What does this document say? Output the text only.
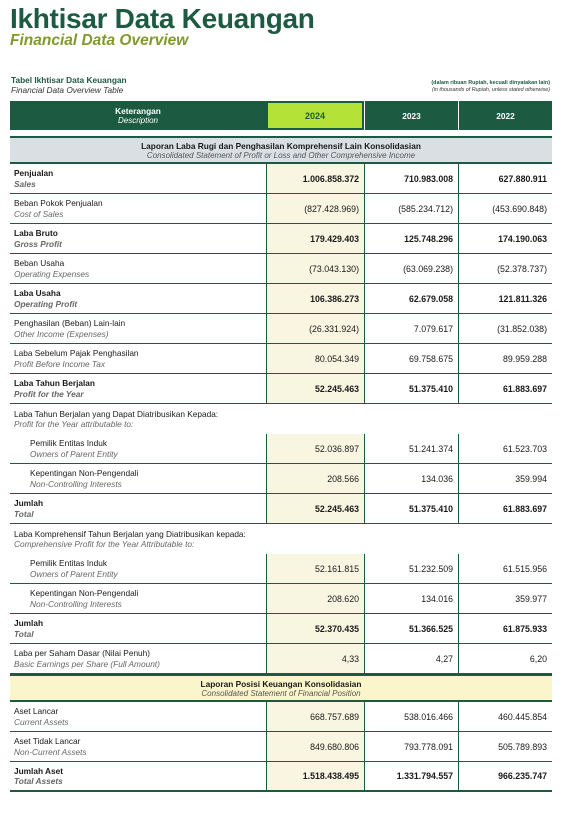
Ikhtisar Data Keuangan
Financial Data Overview
Tabel Ikhtisar Data Keuangan
Financial Data Overview Table
(dalam ribuan Rupiah, kecuali dinyatakan lain)
(in thousands of Rupiah, unless stated otherwise)
Keterangan
Description	2024	2023	2022
Laporan Laba Rugi dan Penghasilan Komprehensif Lain Konsolidasian
Consolidated Statement of Profit or Loss and Other Comprehensive Income
Penjualan
Sales	1.006.858.372	710.983.008	627.880.911
Beban Pokok Penjualan
Cost of Sales	(827.428.969)	(585.234.712)	(453.690.848)
Laba Bruto
Gross Profit	179.429.403	125.748.296	174.190.063
Beban Usaha
Operating Expenses	(73.043.130)	(63.069.238)	(52.378.737)
Laba Usaha
Operating Profit	106.386.273	62.679.058	121.811.326
Penghasilan (Beban) Lain-lain
Other Income (Expenses)	(26.331.924)	7.079.617	(31.852.038)
Laba Sebelum Pajak Penghasilan
Profit Before Income Tax	80.054.349	69.758.675	89.959.288
Laba Tahun Berjalan
Profit for the Year	52.245.463	51.375.410	61.883.697
Laba Tahun Berjalan yang Dapat Diatribusikan Kepada:
Profit for the Year attributable to:
Pemilik Entitas Induk
Owners of Parent Entity	52.036.897	51.241.374	61.523.703
Kepentingan Non-Pengendali
Non-Controlling Interests	208.566	134.036	359.994
Jumlah
Total	52.245.463	51.375.410	61.883.697
Laba Komprehensif Tahun Berjalan yang Diatribusikan kepada:
Comprehensive Profit for the Year Attributable to:
Pemilik Entitas Induk
Owners of Parent Entity	52.161.815	51.232.509	61.515.956
Kepentingan Non-Pengendali
Non-Controlling Interests	208.620	134.016	359.977
Jumlah
Total	52.370.435	51.366.525	61.875.933
Laba per Saham Dasar (Nilai Penuh)
Basic Earnings per Share (Full Amount)	4,33	4,27	6,20
Laporan Posisi Keuangan Konsolidasian
Consolidated Statement of Financial Position
Aset Lancar
Current Assets	668.757.689	538.016.466	460.445.854
Aset Tidak Lancar
Non-Current Assets	849.680.806	793.778.091	505.789.893
Jumlah Aset
Total Assets	1.518.438.495	1.331.794.557	966.235.747
